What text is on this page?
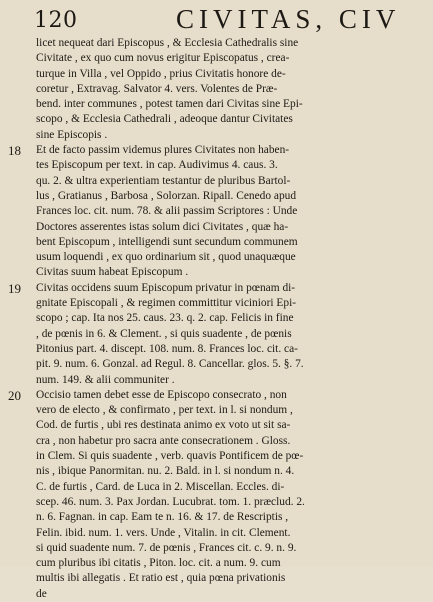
120	CIVITAS, CIV
licet nequeat dari Episcopus , & Ecclesia Cathedralis sine
Civitate , ex quo cum novus erigitur Episcopatus , crea-
turque in Villa , vel Oppido , prius Civitatis honore de-
coretur , Extravag. Salvator 4. vers. Volentes de Præ-
bend. inter communes , potest tamen dari Civitas sine Epi-
scopo , & Ecclesia Cathedrali , adeoque dantur Civitates
sine Episcopis .
18	Et de facto passim videmus plures Civitates non haben-
tes Episcopum per text. in cap. Audivimus 4. caus. 3.
qu. 2. & ultra experientiam testantur de pluribus Bartol-
lus , Gratianus , Barbosa , Solorzan. Ripall. Cenedo apud
Frances loc. cit. num. 78. & alii passim Scriptores : Unde
Doctores asserentes istas solum dici Civitates , quæ ha-
bent Episcopum , intelligendi sunt secundum communem
usum loquendi , ex quo ordinarium sit , quod unaquæque
Civitas suum habeat Episcopum .
19	Civitas occidens suum Episcopum privatur in pœnam di-
gnitate Episcopali , & regimen committitur viciniori Epi-
scopo ; cap. Ita nos 25. caus. 23. q. 2. cap. Felicis in fine
, de pœnis in 6. & Clement. , si quis suadente , de pœnis
Pitonius part. 4. discept. 108. num. 8. Frances loc. cit. ca-
pit. 9. num. 6. Gonzal. ad Regul. 8. Cancellar. glos. 5. §. 7.
num. 149. & alii communiter .
20	Occisio tamen debet esse de Episcopo consecrato , non
vero de electo , & confirmato , per text. in l. si nondum ,
Cod. de furtis , ubi res destinata animo ex voto ut sit sa-
cra , non habetur pro sacra ante consecrationem . Gloss.
in Clem. Si quis suadente , verb. quavis Pontificem de pœ-
nis , ibique Panormitan. nu. 2. Bald. in l. si nondum n. 4.
C. de furtis , Card. de Luca in 2. Miscellan. Eccles. di-
scep. 46. num. 3. Pax Jordan. Lucubrat. tom. 1. præclud. 2.
n. 6. Fagnan. in cap. Eam te n. 16. & 17. de Rescriptis ,
Felin. ibid. num. 1. vers. Unde , Vitalin. in cit. Clement.
si quid suadente num. 7. de pœnis , Frances cit. c. 9. n. 9.
cum pluribus ibi citatis , Piton. loc. cit. a num. 9. cum
multis ibi allegatis . Et ratio est , quia pœna privationis
de
